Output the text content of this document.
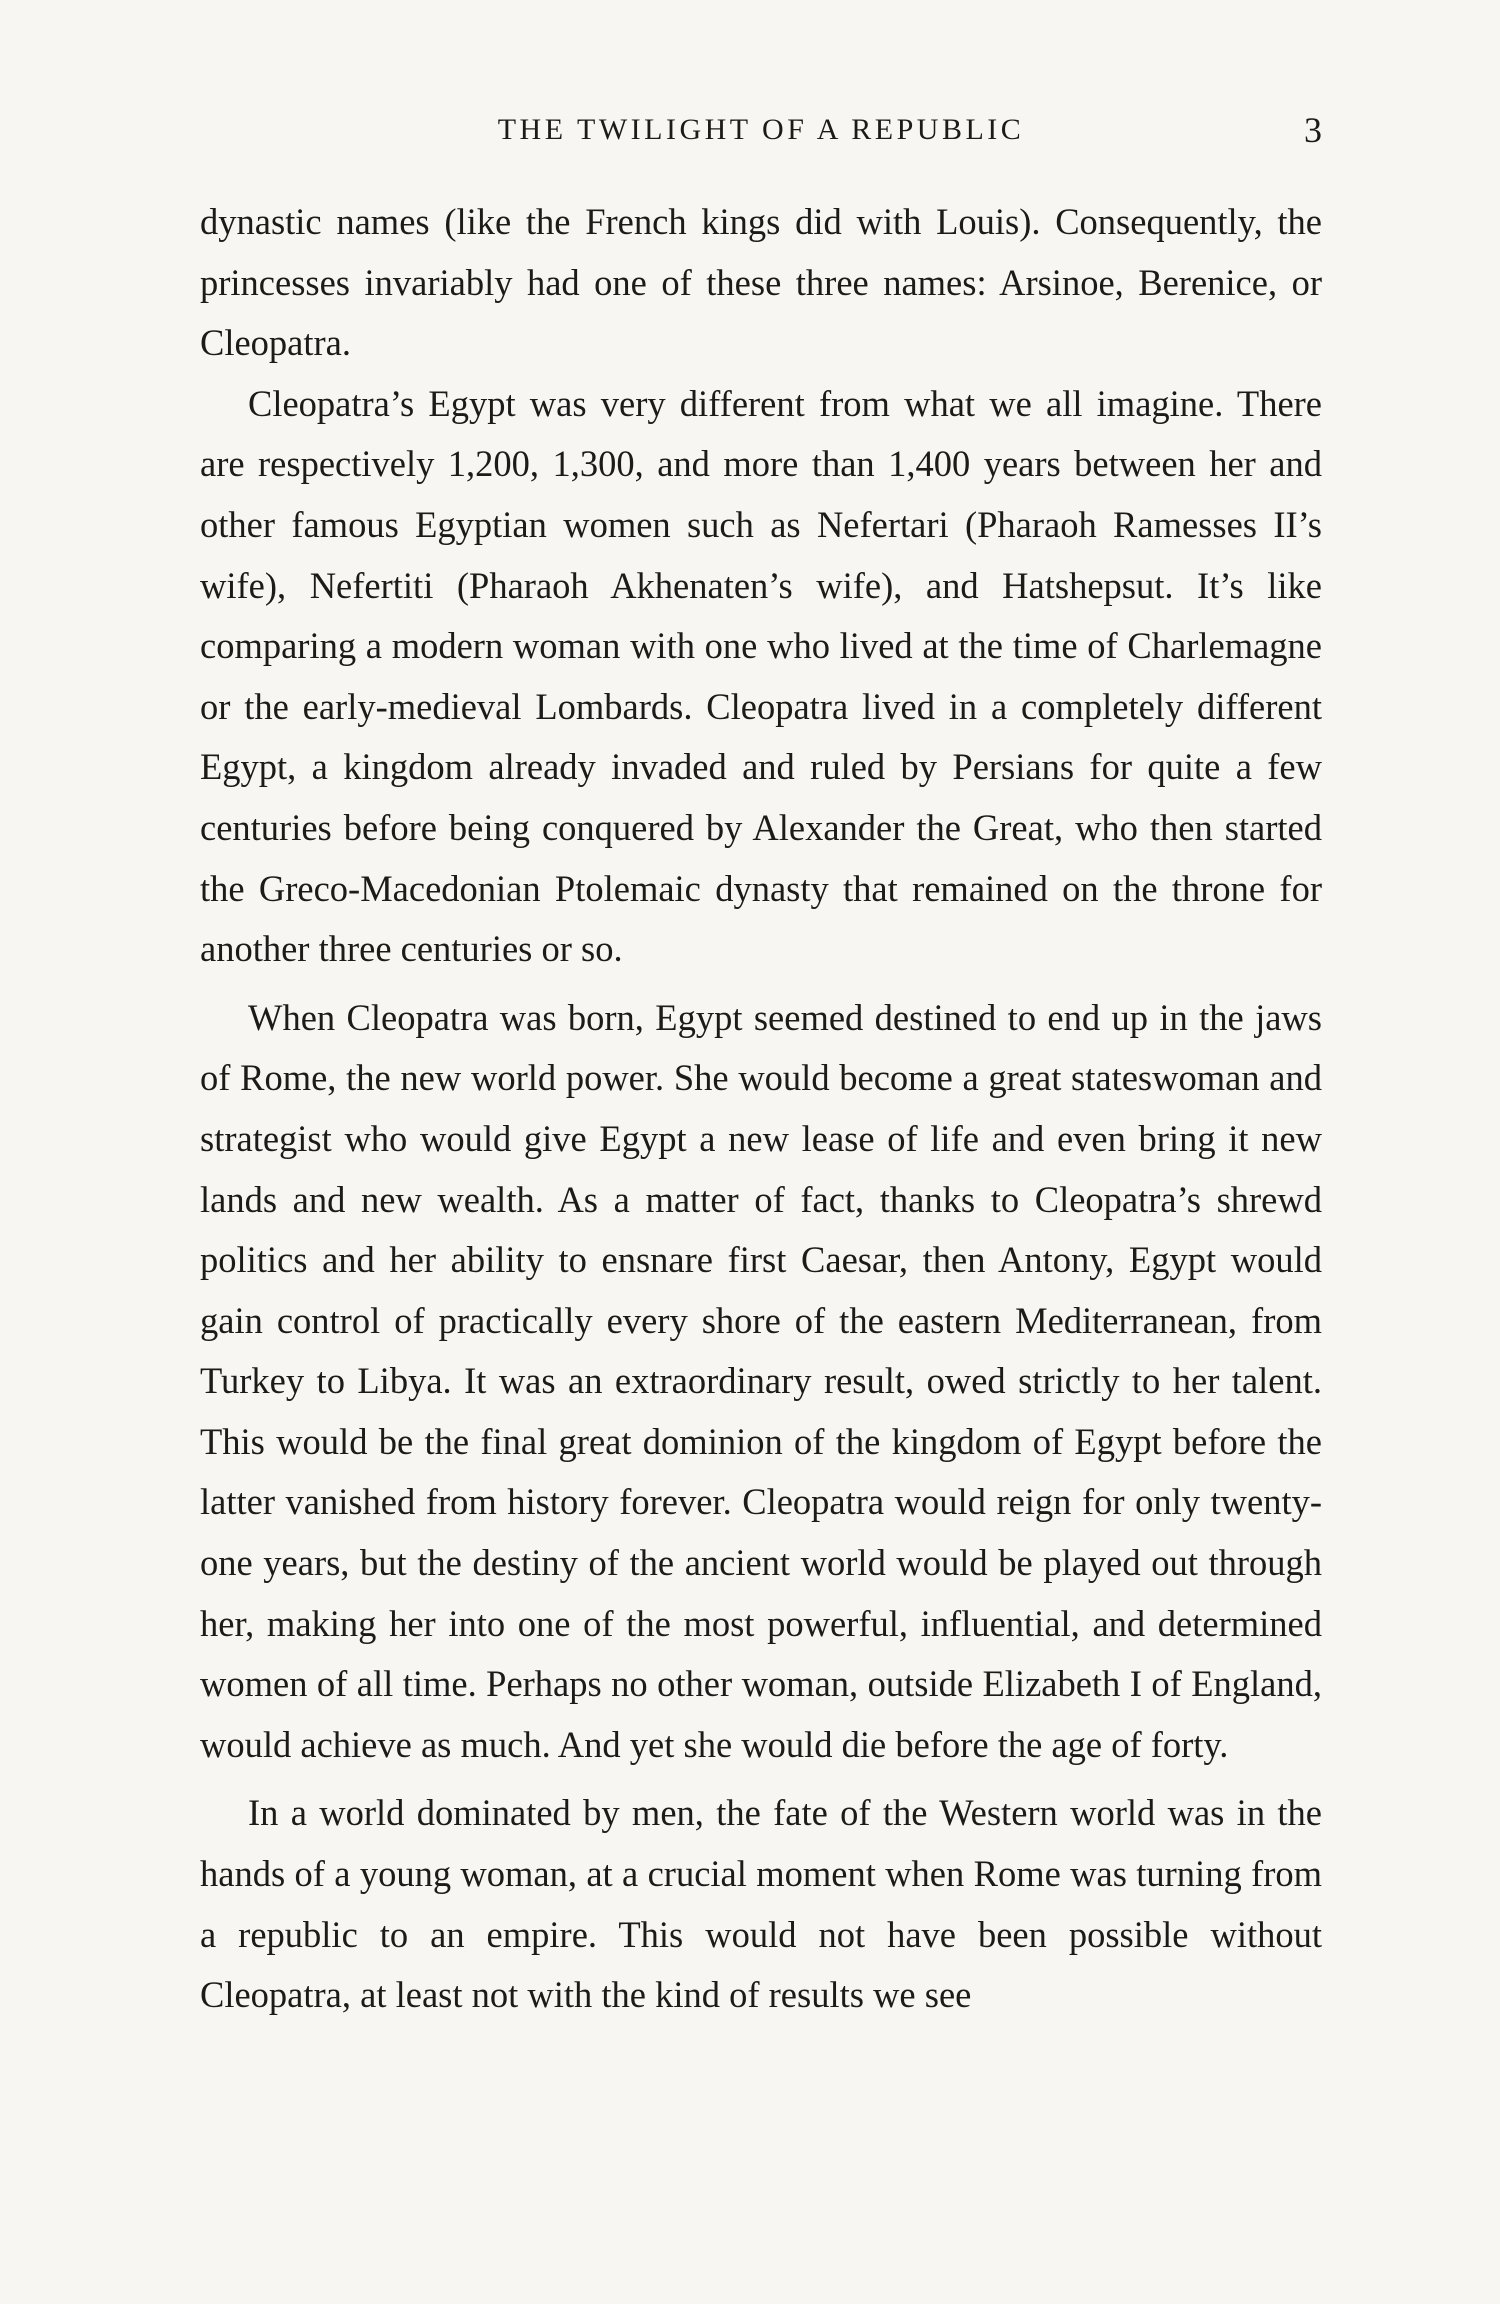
THE TWILIGHT OF A REPUBLIC	3

dynastic names (like the French kings did with Louis). Consequently, the princesses invariably had one of these three names: Arsinoe, Berenice, or Cleopatra.

Cleopatra’s Egypt was very different from what we all imagine. There are respectively 1,200, 1,300, and more than 1,400 years between her and other famous Egyptian women such as Nefertari (Pharaoh Ramesses II’s wife), Nefertiti (Pharaoh Akhenaten’s wife), and Hatshepsut. It’s like comparing a modern woman with one who lived at the time of Charlemagne or the early-medieval Lombards. Cleopatra lived in a completely different Egypt, a kingdom already invaded and ruled by Persians for quite a few centuries before being conquered by Alexander the Great, who then started the Greco-Macedonian Ptolemaic dynasty that remained on the throne for another three centuries or so.

When Cleopatra was born, Egypt seemed destined to end up in the jaws of Rome, the new world power. She would become a great stateswoman and strategist who would give Egypt a new lease of life and even bring it new lands and new wealth. As a matter of fact, thanks to Cleopatra’s shrewd politics and her ability to ensnare first Caesar, then Antony, Egypt would gain control of practically every shore of the eastern Mediterranean, from Turkey to Libya. It was an extraordinary result, owed strictly to her talent. This would be the final great dominion of the kingdom of Egypt before the latter vanished from history forever. Cleopatra would reign for only twenty-one years, but the destiny of the ancient world would be played out through her, making her into one of the most powerful, influential, and determined women of all time. Perhaps no other woman, outside Elizabeth I of England, would achieve as much. And yet she would die before the age of forty.

In a world dominated by men, the fate of the Western world was in the hands of a young woman, at a crucial moment when Rome was turning from a republic to an empire. This would not have been possible without Cleopatra, at least not with the kind of results we see
